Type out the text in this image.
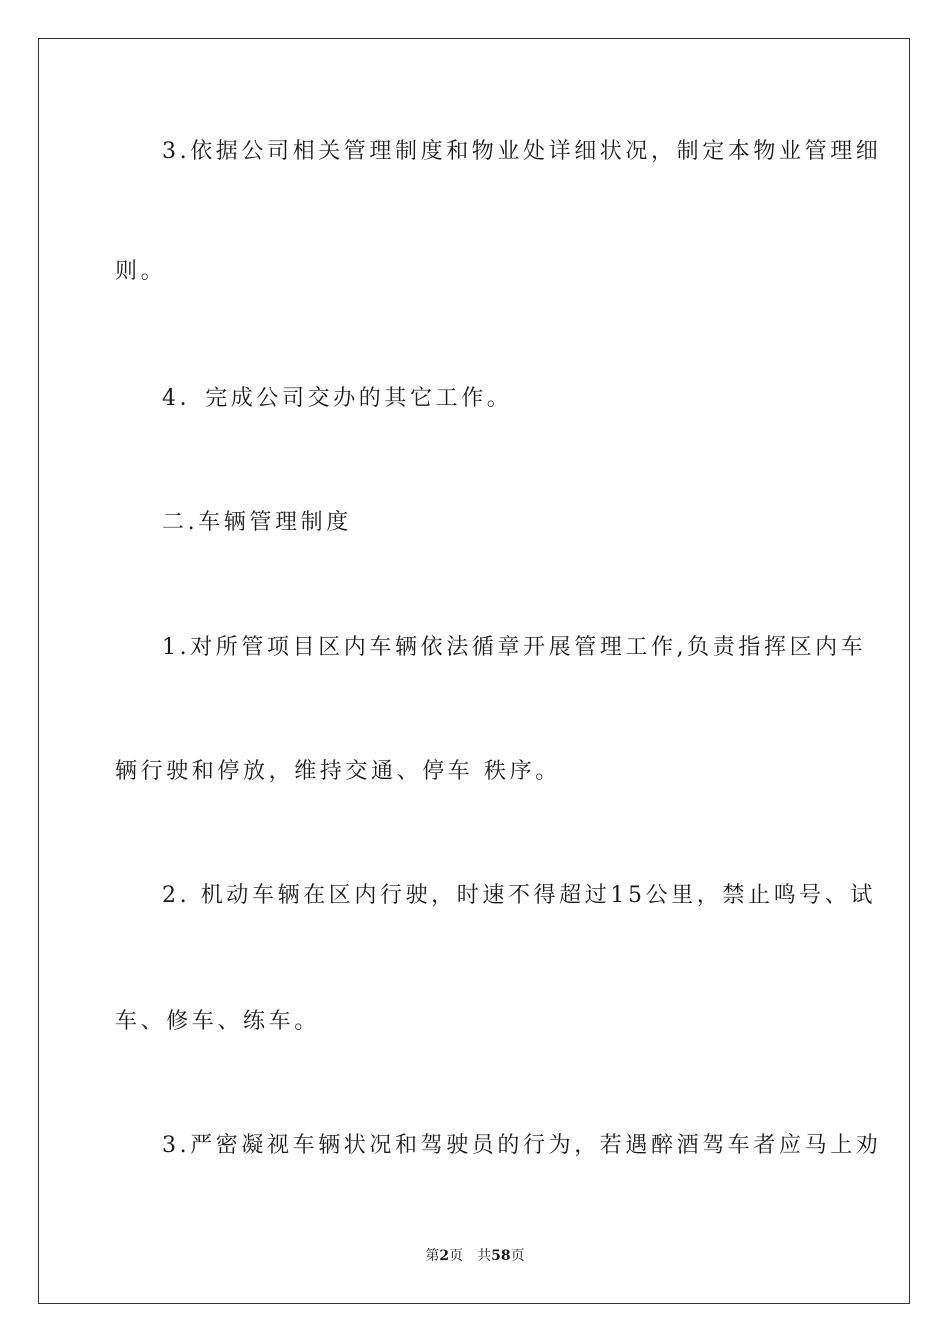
3.依据公司相关管理制度和物业处详细状况，制定本物业管理细
则。
4．完成公司交办的其它工作。
二.车辆管理制度
1.对所管项目区内车辆依法循章开展管理工作,负责指挥区内车
辆行驶和停放，维持交通、停车 秩序。
2. 机动车辆在区内行驶，时速不得超过15公里，禁止鸣号、试
车、修车、练车。
3.严密凝视车辆状况和驾驶员的行为，若遇醉酒驾车者应马上劝
第2页 共58页
